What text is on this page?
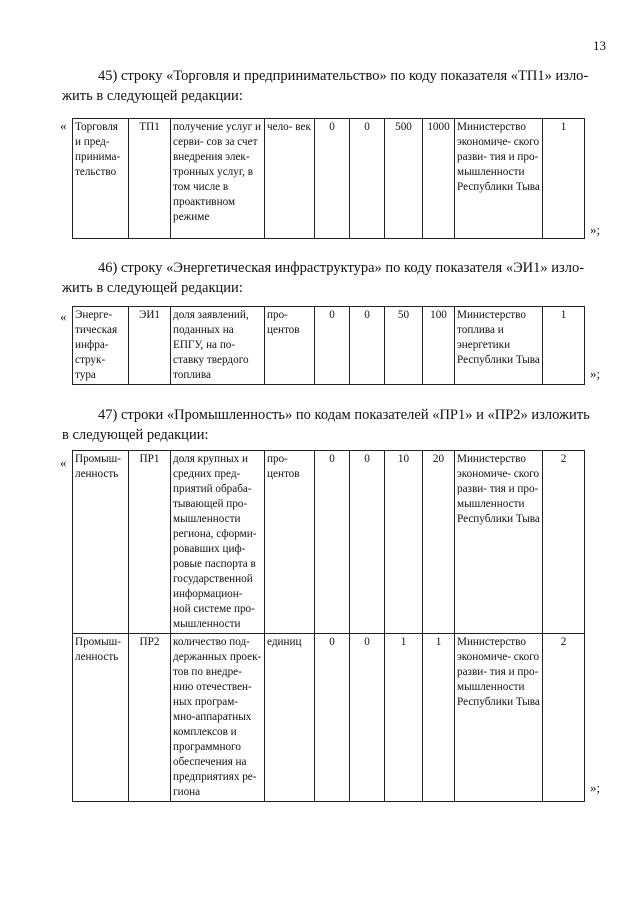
13
45) строку «Торговля и предпринимательство» по коду показателя «ТП1» изло-
жить в следующей редакции:
« Торговля и пред- принима- тельство	ТП1	получение услуг и серви- сов за счет внедрения элек- тронных услуг, в том числе в проактивном режиме	чело- век	0	0	500	1000	Министерство экономиче- ского разви- тия и про- мышленности Республики Тыва	1
»;
46) строку «Энергетическая инфраструктура» по коду показателя «ЭИ1» изло-
жить в следующей редакции:
« Энерге- тическая инфра- струк- тура	ЭИ1	доля заявлений, поданных на ЕПГУ, на по- ставку твердого топлива	про- центов	0	0	50	100	Министерство топлива и энергетики Республики Тыва	1
»;
47) строки «Промышленность» по кодам показателей «ПР1» и «ПР2» изложить
в следующей редакции:
« Промыш- ленность	ПР1	доля крупных и средних пред- приятий обраба- тывающей про- мышленности региона, сформи- ровавших циф- ровые паспорта в государственной информацион- ной системе про- мышленности	про- центов	0	0	10	20	Министерство экономиче- ского разви- тия и про- мышленности Республики Тыва	2
Промыш- ленность	ПР2	количество под- держанных проек- тов по внедре- нию отечествен- ных програм- мно-аппаратных комплексов и программного обеспечения на предприятиях ре- гиона	единиц	0	0	1	1	Министерство экономиче- ского разви- тия и про- мышленности Республики Тыва	2
»;
